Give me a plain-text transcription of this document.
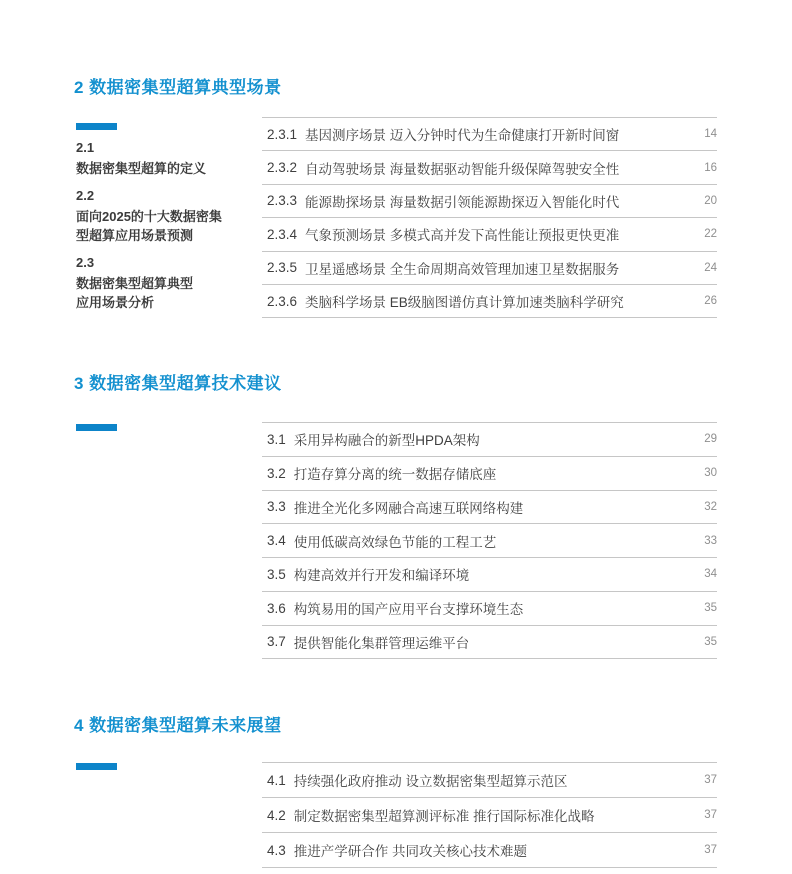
2 数据密集型超算典型场景
2.1
数据密集型超算的定义
2.2
面向2025的十大数据密集
型超算应用场景预测
2.3
数据密集型超算典型
应用场景分析
2.3.1 基因测序场景 迈入分钟时代为生命健康打开新时间窗	14
2.3.2 自动驾驶场景 海量数据驱动智能升级保障驾驶安全性	16
2.3.3 能源勘探场景 海量数据引领能源勘探迈入智能化时代	20
2.3.4 气象预测场景 多模式高并发下高性能让预报更快更准	22
2.3.5 卫星遥感场景 全生命周期高效管理加速卫星数据服务	24
2.3.6 类脑科学场景 EB级脑图谱仿真计算加速类脑科学研究	26
3 数据密集型超算技术建议
3.1 采用异构融合的新型HPDA架构	29
3.2 打造存算分离的统一数据存储底座	30
3.3 推进全光化多网融合高速互联网络构建	32
3.4 使用低碳高效绿色节能的工程工艺	33
3.5 构建高效并行开发和编译环境	34
3.6 构筑易用的国产应用平台支撑环境生态	35
3.7 提供智能化集群管理运维平台	35
4 数据密集型超算未来展望
4.1 持续强化政府推动 设立数据密集型超算示范区	37
4.2 制定数据密集型超算测评标准 推行国际标准化战略	37
4.3 推进产学研合作 共同攻关核心技术难题	37
